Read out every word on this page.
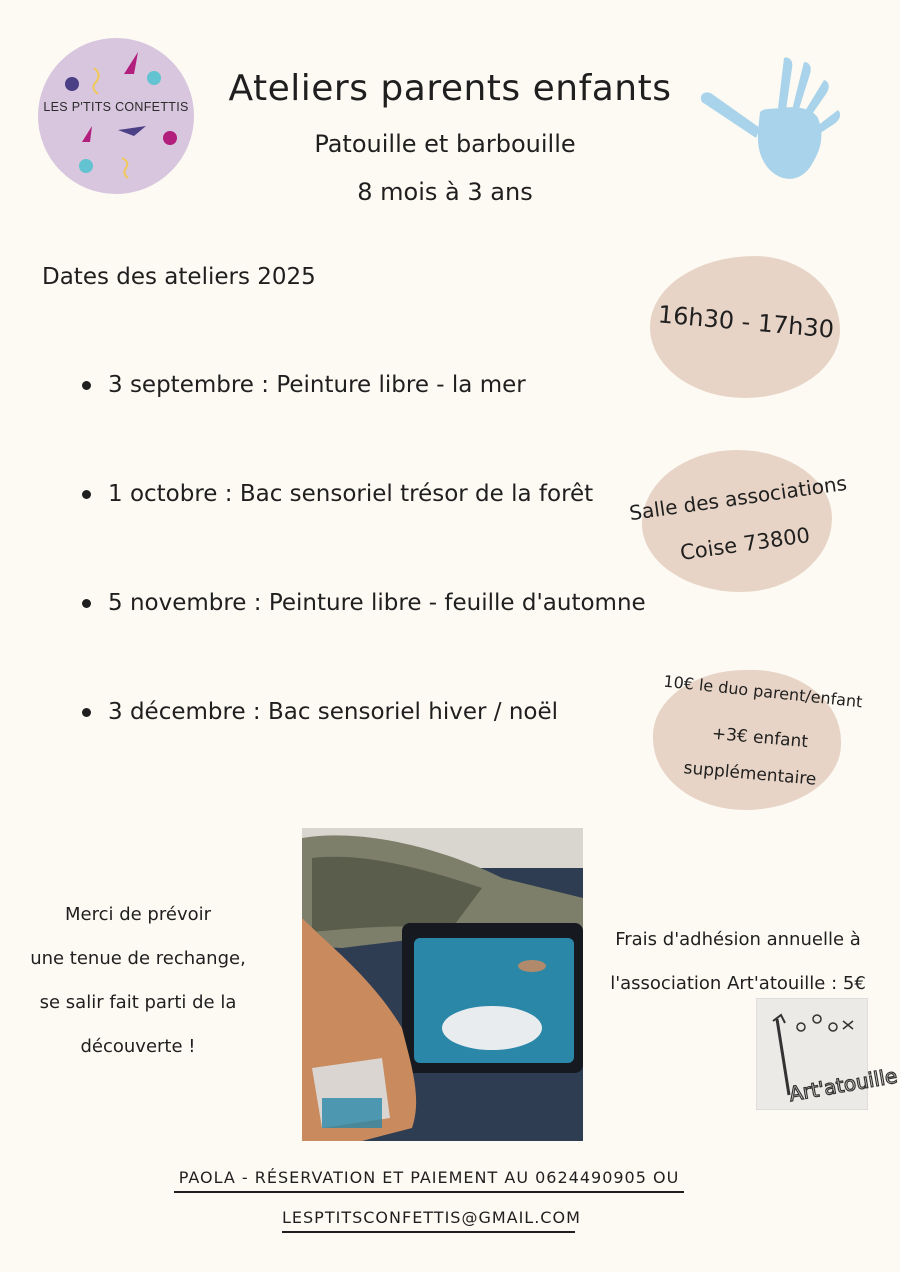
LES P'TITS CONFETTIS	Ateliers parents enfants
Patouille et barbouille
8 mois à 3 ans
Dates des ateliers 2025
3 septembre : Peinture libre - la mer
1 octobre : Bac sensoriel trésor de la forêt
5 novembre : Peinture libre - feuille d'automne
3 décembre : Bac sensoriel hiver / noël
16h30 - 17h30
Salle des associations
Coise 73800
10€ le duo parent/enfant
+3€ enfant
supplémentaire
Merci de prévoir
une tenue de rechange,
se salir fait parti de la
découverte !
Frais d'adhésion annuelle à
l'association Art'atouille : 5€
Art'atouille
PAOLA - RÉSERVATION ET PAIEMENT AU 0624490905 OU
LESPTITSCONFETTIS@GMAIL.COM
